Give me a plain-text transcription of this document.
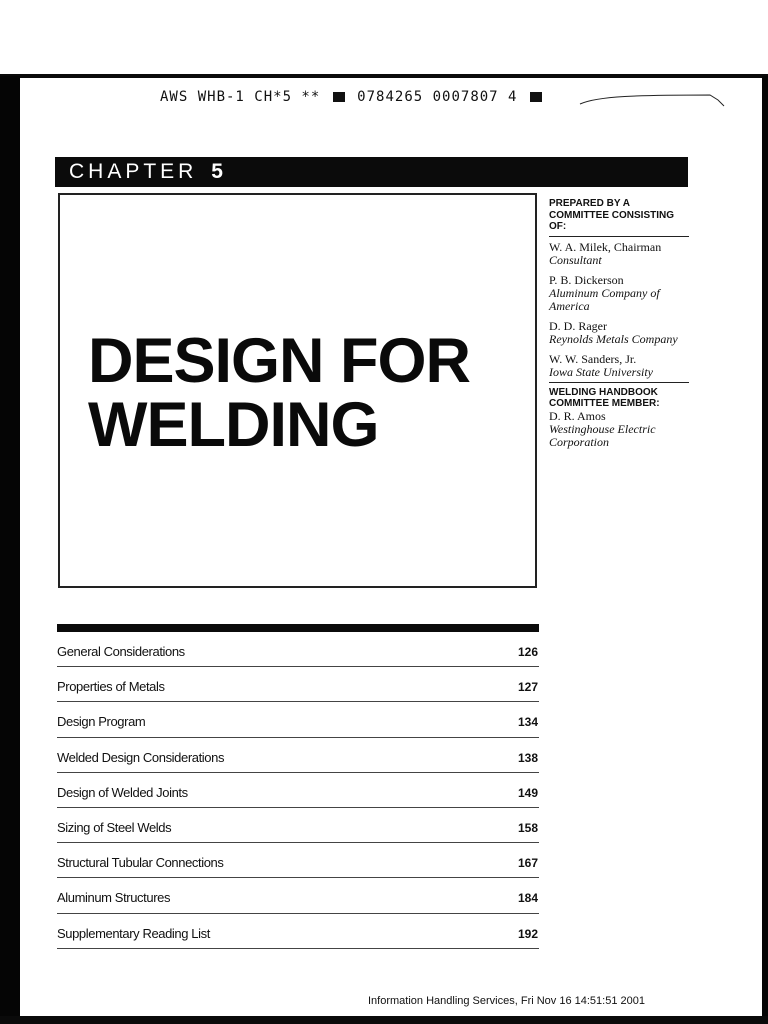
AWS WHB-1 CH*5 **	0784265 0007807 4
CHAPTER 5
DESIGN FOR
WELDING
PREPARED BY A COMMITTEE CONSISTING OF:
W. A. Milek, Chairman
Consultant
P. B. Dickerson
Aluminum Company of America
D. D. Rager
Reynolds Metals Company
W. W. Sanders, Jr.
Iowa State University
WELDING HANDBOOK COMMITTEE MEMBER:
D. R. Amos
Westinghouse Electric Corporation
General Considerations	126
Properties of Metals	127
Design Program	134
Welded Design Considerations	138
Design of Welded Joints	149
Sizing of Steel Welds	158
Structural Tubular Connections	167
Aluminum Structures	184
Supplementary Reading List	192
Information Handling Services, Fri Nov 16 14:51:51 2001
